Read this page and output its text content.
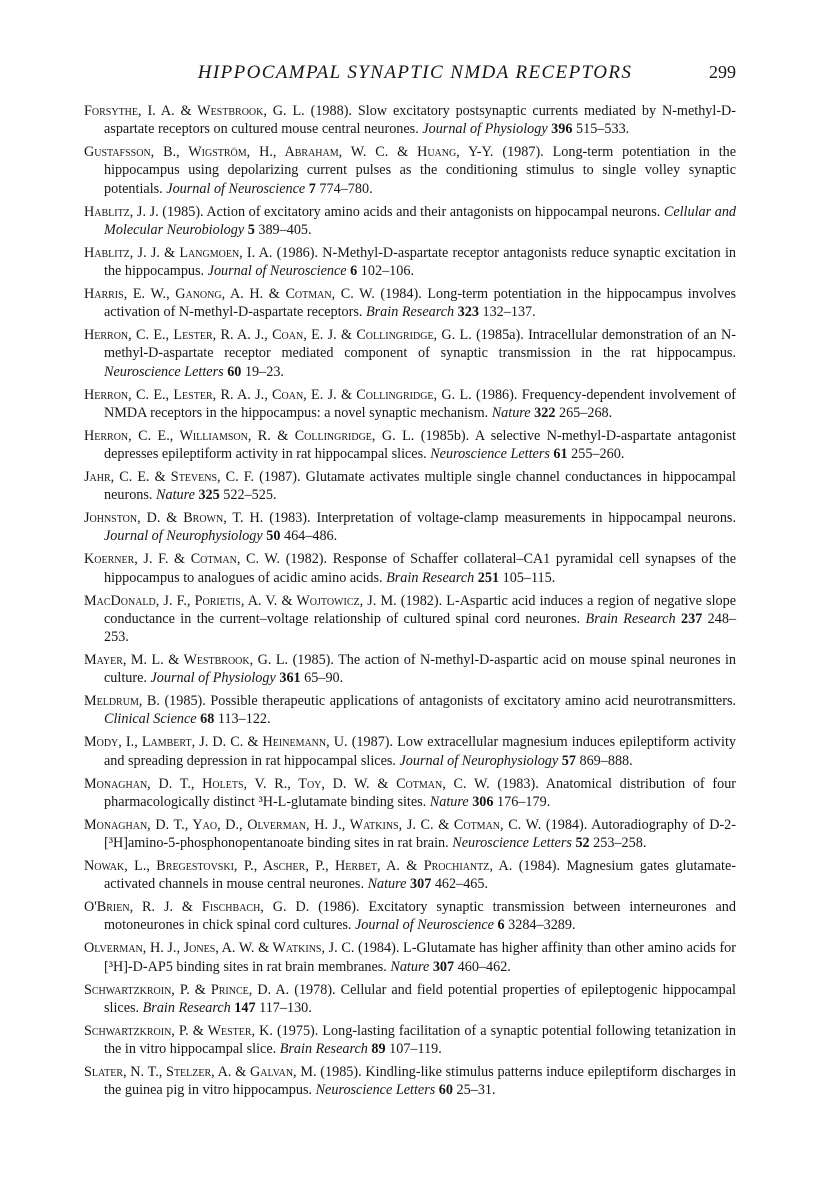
HIPPOCAMPAL SYNAPTIC NMDA RECEPTORS	299
Forsythe, I. A. & Westbrook, G. L. (1988). Slow excitatory postsynaptic currents mediated by N-methyl-D-aspartate receptors on cultured mouse central neurones. Journal of Physiology 396 515–533.
Gustafsson, B., Wigström, H., Abraham, W. C. & Huang, Y-Y. (1987). Long-term potentiation in the hippocampus using depolarizing current pulses as the conditioning stimulus to single volley synaptic potentials. Journal of Neuroscience 7 774–780.
Hablitz, J. J. (1985). Action of excitatory amino acids and their antagonists on hippocampal neurons. Cellular and Molecular Neurobiology 5 389–405.
Hablitz, J. J. & Langmoen, I. A. (1986). N-Methyl-D-aspartate receptor antagonists reduce synaptic excitation in the hippocampus. Journal of Neuroscience 6 102–106.
Harris, E. W., Ganong, A. H. & Cotman, C. W. (1984). Long-term potentiation in the hippocampus involves activation of N-methyl-D-aspartate receptors. Brain Research 323 132–137.
Herron, C. E., Lester, R. A. J., Coan, E. J. & Collingridge, G. L. (1985a). Intracellular demonstration of an N-methyl-D-aspartate receptor mediated component of synaptic transmission in the rat hippocampus. Neuroscience Letters 60 19–23.
Herron, C. E., Lester, R. A. J., Coan, E. J. & Collingridge, G. L. (1986). Frequency-dependent involvement of NMDA receptors in the hippocampus: a novel synaptic mechanism. Nature 322 265–268.
Herron, C. E., Williamson, R. & Collingridge, G. L. (1985b). A selective N-methyl-D-aspartate antagonist depresses epileptiform activity in rat hippocampal slices. Neuroscience Letters 61 255–260.
Jahr, C. E. & Stevens, C. F. (1987). Glutamate activates multiple single channel conductances in hippocampal neurons. Nature 325 522–525.
Johnston, D. & Brown, T. H. (1983). Interpretation of voltage-clamp measurements in hippocampal neurons. Journal of Neurophysiology 50 464–486.
Koerner, J. F. & Cotman, C. W. (1982). Response of Schaffer collateral–CA1 pyramidal cell synapses of the hippocampus to analogues of acidic amino acids. Brain Research 251 105–115.
MacDonald, J. F., Porietis, A. V. & Wojtowicz, J. M. (1982). L-Aspartic acid induces a region of negative slope conductance in the current–voltage relationship of cultured spinal cord neurones. Brain Research 237 248–253.
Mayer, M. L. & Westbrook, G. L. (1985). The action of N-methyl-D-aspartic acid on mouse spinal neurones in culture. Journal of Physiology 361 65–90.
Meldrum, B. (1985). Possible therapeutic applications of antagonists of excitatory amino acid neurotransmitters. Clinical Science 68 113–122.
Mody, I., Lambert, J. D. C. & Heinemann, U. (1987). Low extracellular magnesium induces epileptiform activity and spreading depression in rat hippocampal slices. Journal of Neurophysiology 57 869–888.
Monaghan, D. T., Holets, V. R., Toy, D. W. & Cotman, C. W. (1983). Anatomical distribution of four pharmacologically distinct ³H-L-glutamate binding sites. Nature 306 176–179.
Monaghan, D. T., Yao, D., Olverman, H. J., Watkins, J. C. & Cotman, C. W. (1984). Autoradiography of D-2-[³H]amino-5-phosphonopentanoate binding sites in rat brain. Neuroscience Letters 52 253–258.
Nowak, L., Bregestovski, P., Ascher, P., Herbet, A. & Prochiantz, A. (1984). Magnesium gates glutamate-activated channels in mouse central neurones. Nature 307 462–465.
O'Brien, R. J. & Fischbach, G. D. (1986). Excitatory synaptic transmission between interneurones and motoneurones in chick spinal cord cultures. Journal of Neuroscience 6 3284–3289.
Olverman, H. J., Jones, A. W. & Watkins, J. C. (1984). L-Glutamate has higher affinity than other amino acids for [³H]-D-AP5 binding sites in rat brain membranes. Nature 307 460–462.
Schwartzkroin, P. & Prince, D. A. (1978). Cellular and field potential properties of epileptogenic hippocampal slices. Brain Research 147 117–130.
Schwartzkroin, P. & Wester, K. (1975). Long-lasting facilitation of a synaptic potential following tetanization in the in vitro hippocampal slice. Brain Research 89 107–119.
Slater, N. T., Stelzer, A. & Galvan, M. (1985). Kindling-like stimulus patterns induce epileptiform discharges in the guinea pig in vitro hippocampus. Neuroscience Letters 60 25–31.
